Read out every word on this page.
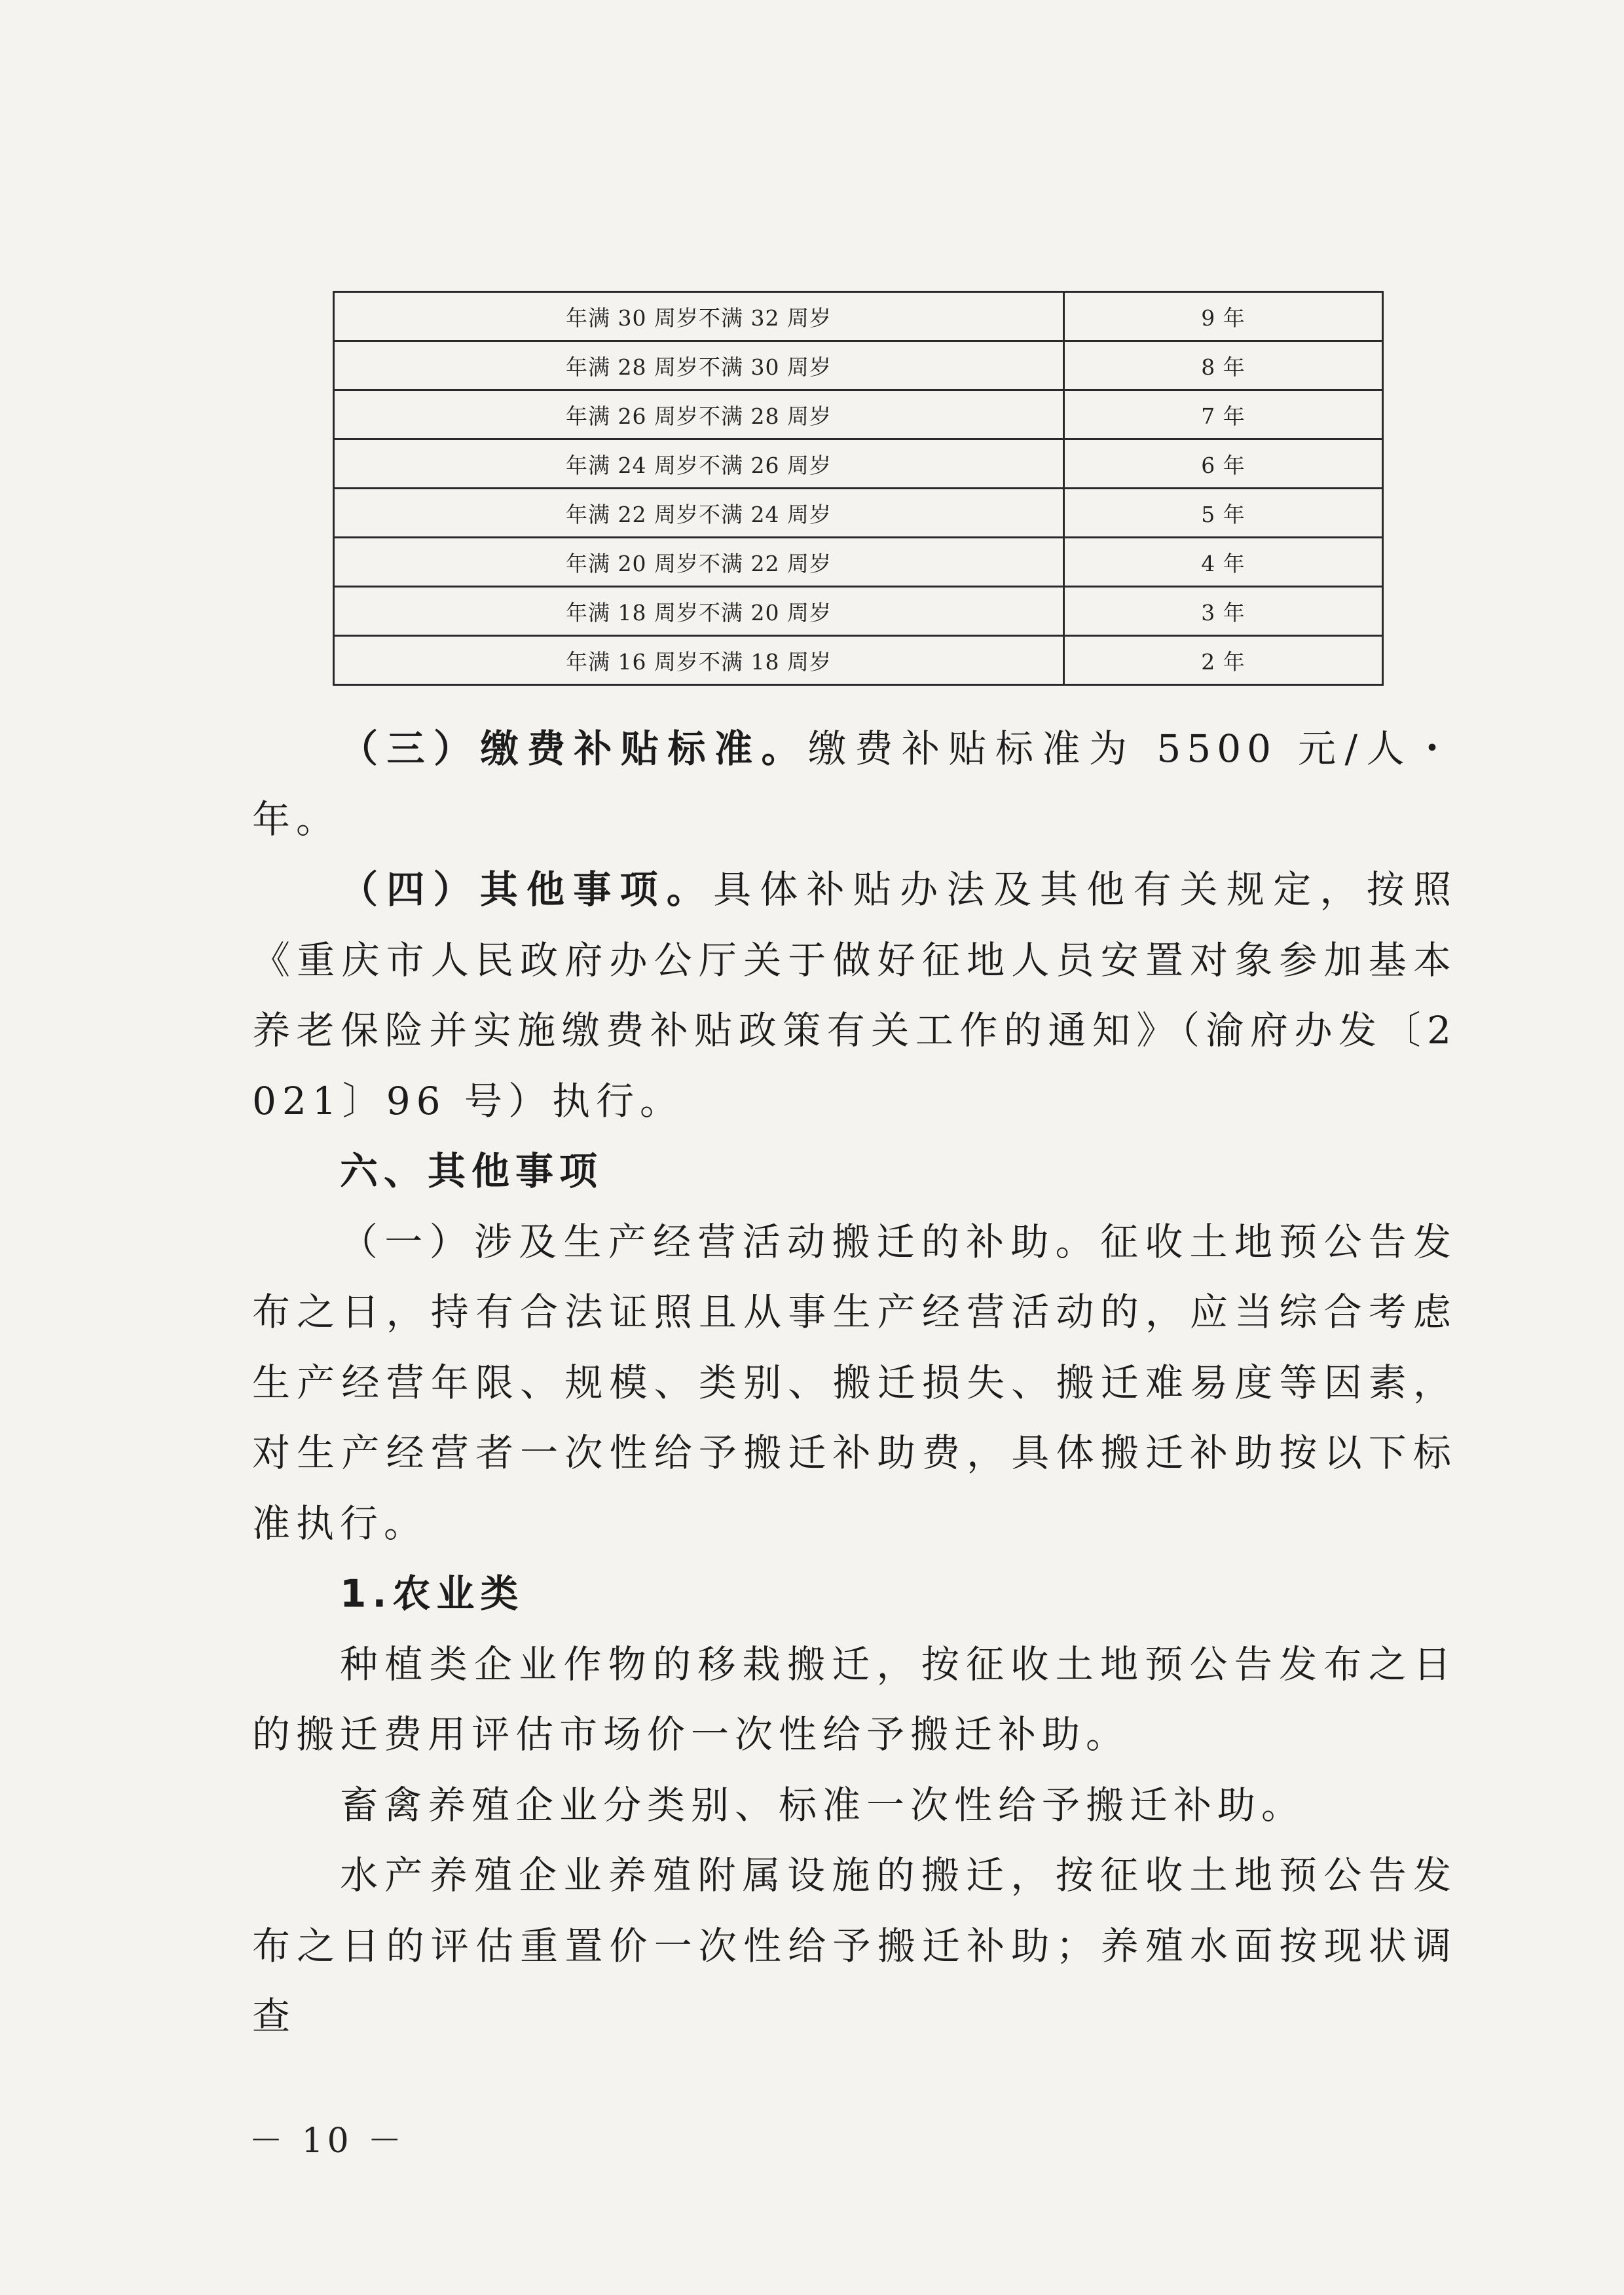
年满 30 周岁不满 32 周岁	9 年
年满 28 周岁不满 30 周岁	8 年
年满 26 周岁不满 28 周岁	7 年
年满 24 周岁不满 26 周岁	6 年
年满 22 周岁不满 24 周岁	5 年
年满 20 周岁不满 22 周岁	4 年
年满 18 周岁不满 20 周岁	3 年
年满 16 周岁不满 18 周岁	2 年

（三）缴费补贴标准。缴费补贴标准为 5500 元/人・年。

（四）其他事项。具体补贴办法及其他有关规定，按照《重庆市人民政府办公厅关于做好征地人员安置对象参加基本养老保险并实施缴费补贴政策有关工作的通知》（渝府办发〔2021〕96 号）执行。

六、其他事项

（一）涉及生产经营活动搬迁的补助。征收土地预公告发布之日，持有合法证照且从事生产经营活动的，应当综合考虑生产经营年限、规模、类别、搬迁损失、搬迁难易度等因素，对生产经营者一次性给予搬迁补助费，具体搬迁补助按以下标准执行。

1.农业类

种植类企业作物的移栽搬迁，按征收土地预公告发布之日的搬迁费用评估市场价一次性给予搬迁补助。

畜禽养殖企业分类别、标准一次性给予搬迁补助。

水产养殖企业养殖附属设施的搬迁，按征收土地预公告发布之日的评估重置价一次性给予搬迁补助；养殖水面按现状调查

－ 10 －
